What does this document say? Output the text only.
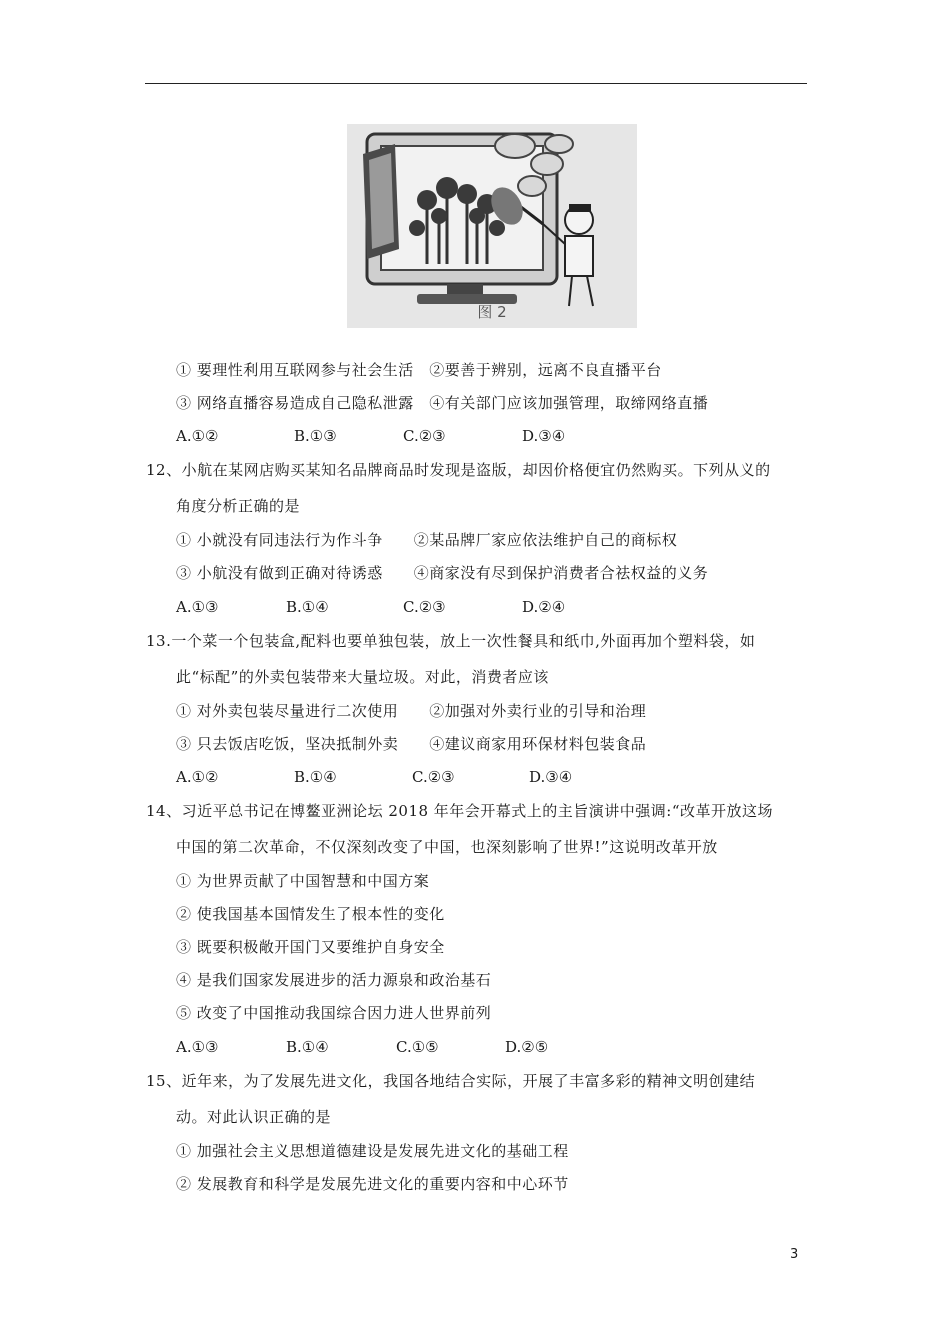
图 2
① 要理性利用互联网参与社会生活　②要善于辨别，远离不良直播平台
③ 网络直播容易造成自己隐私泄露　④有关部门应该加强管理，取缔网络直播
A.①②	B.①③	C.②③	D.③④
12、小航在某网店购买某知名品牌商品时发现是盗版，却因价格便宜仍然购买。下列从义的
角度分析正确的是
① 小就没有同违法行为作斗争　　②某品牌厂家应依法维护自己的商标权
③ 小航没有做到正确对待诱惑　　④商家没有尽到保护消费者合祛权益的义务
A.①③	B.①④	C.②③	D.②④
13.一个菜一个包装盒,配料也要单独包装，放上一次性餐具和纸巾,外面再加个塑料袋，如
此“标配”的外卖包装带来大量垃圾。对此，消费者应该
① 对外卖包装尽量进行二次使用　　②加强对外卖行业的引导和治理
③ 只去饭店吃饭，坚决抵制外卖　　④建议商家用环保材料包装食品
A.①②	B.①④	C.②③	D.③④
14、习近平总书记在博鳌亚洲论坛 2018 年年会开幕式上的主旨演讲中强调:“改革开放这场
中国的第二次革命，不仅深刻改变了中国，也深刻影响了世界!”这说明改革开放
① 为世界贡献了中国智慧和中国方案
② 使我国基本国情发生了根本性的变化
③ 既要积极敞开国门又要维护自身安全
④ 是我们国家发展进步的活力源泉和政治基石
⑤ 改变了中国推动我国综合因力进人世界前列
A.①③	B.①④	C.①⑤	D.②⑤
15、近年来，为了发展先进文化，我国各地结合实际，开展了丰富多彩的精神文明创建结
动。对此认识正确的是
① 加强社会主义思想道德建设是发展先进文化的基础工程
② 发展教育和科学是发展先进文化的重要内容和中心环节
3
